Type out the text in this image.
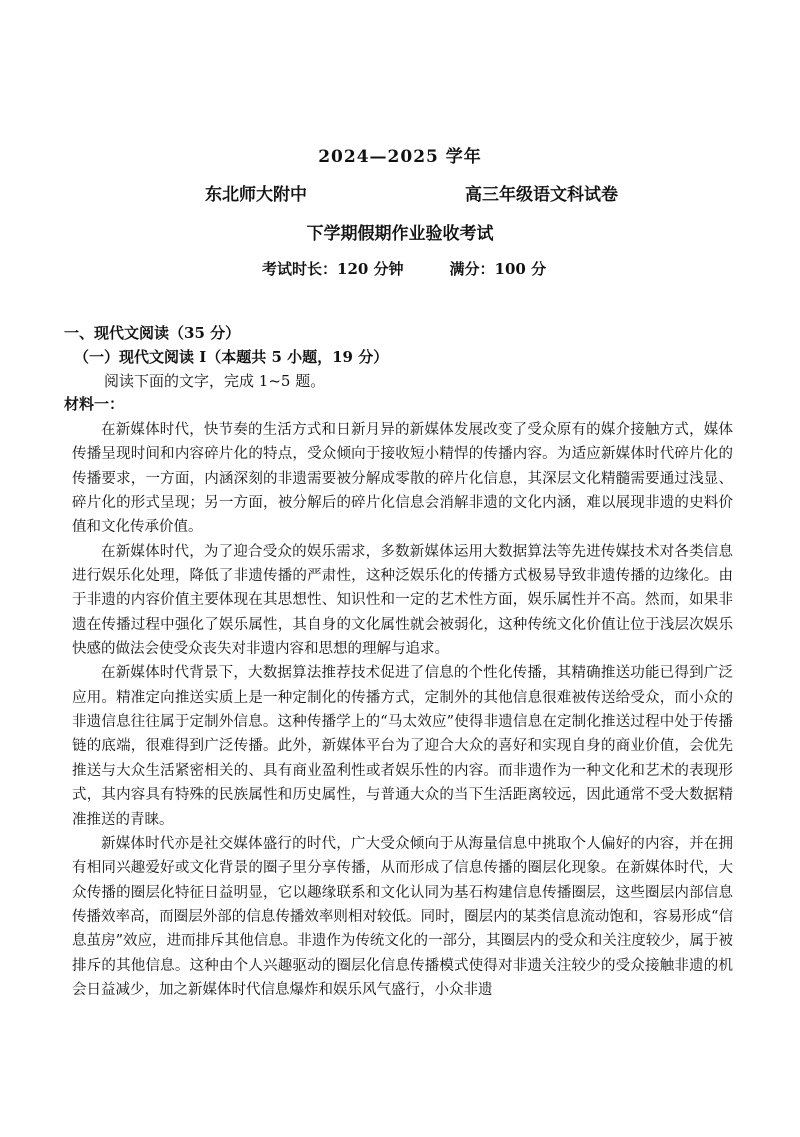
2024—2025 学年
东北师大附中	高三年级语文科试卷
下学期假期作业验收考试
考试时长：120 分钟	满分：100 分
一、现代文阅读（35 分）
（一）现代文阅读 I（本题共 5 小题，19 分）
阅读下面的文字，完成 1~5 题。
材料一：

在新媒体时代，快节奏的生活方式和日新月异的新媒体发展改变了受众原有的媒介接触方式，媒体传播呈现时间和内容碎片化的特点，受众倾向于接收短小精悍的传播内容。为适应新媒体时代碎片化的传播要求，一方面，内涵深刻的非遗需要被分解成零散的碎片化信息，其深层文化精髓需要通过浅显、碎片化的形式呈现；另一方面，被分解后的碎片化信息会消解非遗的文化内涵，难以展现非遗的史料价值和文化传承价值。

在新媒体时代，为了迎合受众的娱乐需求，多数新媒体运用大数据算法等先进传媒技术对各类信息进行娱乐化处理，降低了非遗传播的严肃性，这种泛娱乐化的传播方式极易导致非遗传播的边缘化。由于非遗的内容价值主要体现在其思想性、知识性和一定的艺术性方面，娱乐属性并不高。然而，如果非遗在传播过程中强化了娱乐属性，其自身的文化属性就会被弱化，这种传统文化价值让位于浅层次娱乐快感的做法会使受众丧失对非遗内容和思想的理解与追求。

在新媒体时代背景下，大数据算法推荐技术促进了信息的个性化传播，其精确推送功能已得到广泛应用。精准定向推送实质上是一种定制化的传播方式，定制外的其他信息很难被传送给受众，而小众的非遗信息往往属于定制外信息。这种传播学上的“马太效应”使得非遗信息在定制化推送过程中处于传播链的底端，很难得到广泛传播。此外，新媒体平台为了迎合大众的喜好和实现自身的商业价值，会优先推送与大众生活紧密相关的、具有商业盈利性或者娱乐性的内容。而非遗作为一种文化和艺术的表现形式，其内容具有特殊的民族属性和历史属性，与普通大众的当下生活距离较远，因此通常不受大数据精准推送的青睐。

新媒体时代亦是社交媒体盛行的时代，广大受众倾向于从海量信息中挑取个人偏好的内容，并在拥有相同兴趣爱好或文化背景的圈子里分享传播，从而形成了信息传播的圈层化现象。在新媒体时代，大众传播的圈层化特征日益明显，它以趣缘联系和文化认同为基石构建信息传播圈层，这些圈层内部信息传播效率高，而圈层外部的信息传播效率则相对较低。同时，圈层内的某类信息流动饱和，容易形成“信息茧房”效应，进而排斥其他信息。非遗作为传统文化的一部分，其圈层内的受众和关注度较少，属于被排斥的其他信息。这种由个人兴趣驱动的圈层化信息传播模式使得对非遗关注较少的受众接触非遗的机会日益减少，加之新媒体时代信息爆炸和娱乐风气盛行，小众非遗
